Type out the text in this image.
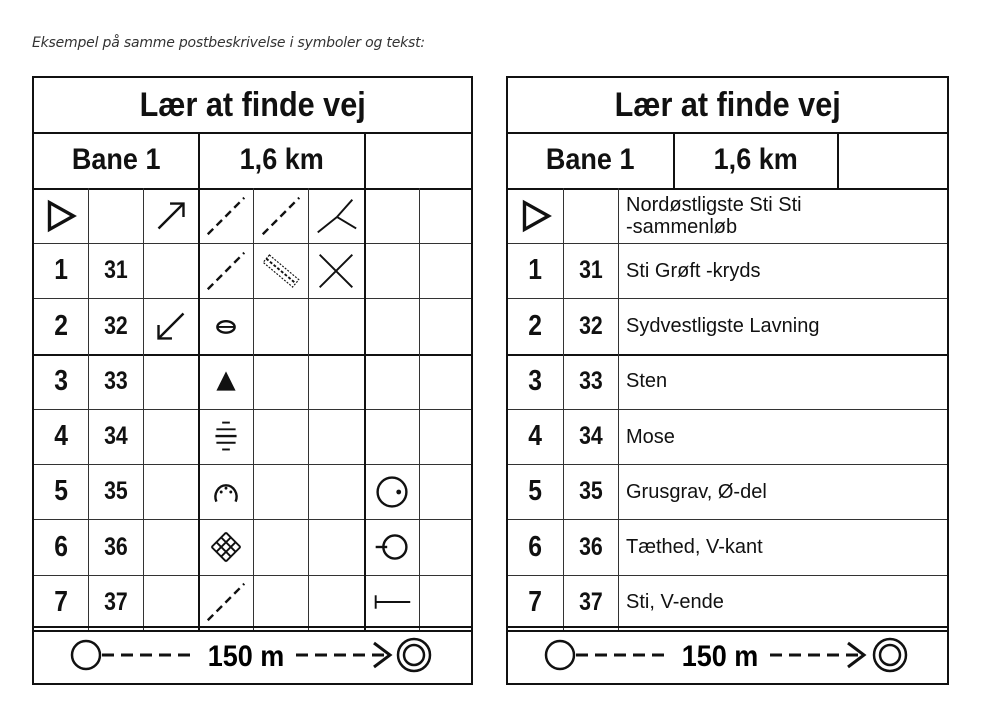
Eksempel på samme postbeskrivelse i symboler og tekst:
Lær at finde vej
Bane 1	1,6 km
1 31
2 32
3 33
4 34
5 35
6 36
7 37
150 m
Lær at finde vej
Bane 1	1,6 km
Nordøstligste Sti Sti
-sammenløb
1 31 Sti Grøft -kryds
2 32 Sydvestligste Lavning
3 33 Sten
4 34 Mose
5 35 Grusgrav, Ø-del
6 36 Tæthed, V-kant
7 37 Sti, V-ende
150 m
